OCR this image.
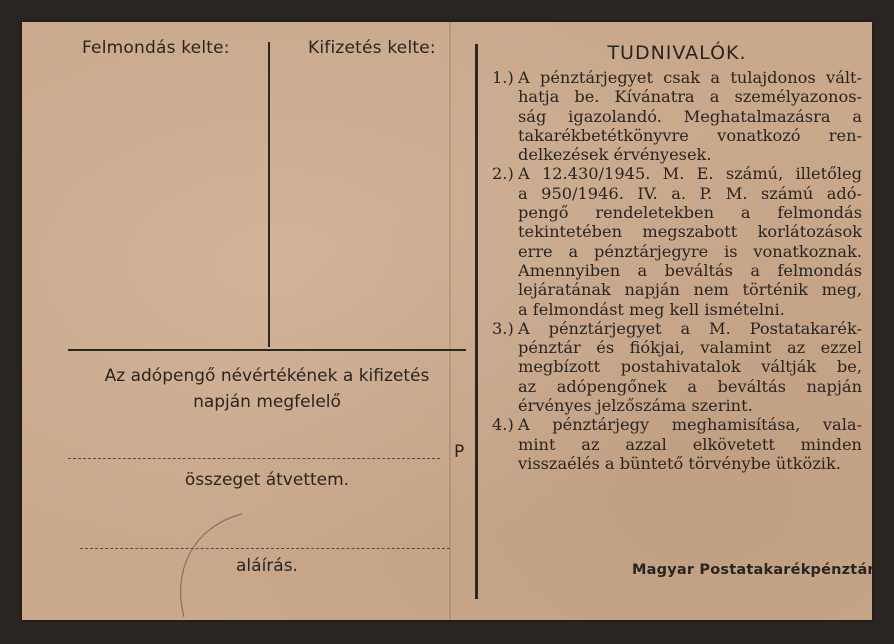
Felmondás kelte:	Kifizetés kelte:
Az adópengő névértékének a kifizetés
napján megfelelő
P
összeget átvettem.
aláírás.
TUDNIVALÓK.
1.) A pénztárjegyet csak a tulajdonos vált-
hatja be. Kívánatra a személyazonos-
ság igazolandó. Meghatalmazásra a
takarékbetétkönyvre vonatkozó ren-
delkezések érvényesek.
2.) A 12.430/1945. M. E. számú, illetőleg
a 950/1946. IV. a. P. M. számú adó-
pengő rendeletekben a felmondás
tekintetében megszabott korlátozások
erre a pénztárjegyre is vonatkoznak.
Amennyiben a beváltás a felmondás
lejáratának napján nem történik meg,
a felmondást meg kell ismételni.
3.) A pénztárjegyet a M. Postatakarék-
pénztár és fiókjai, valamint az ezzel
megbízott postahivatalok váltják be,
az adópengőnek a beváltás napján
érvényes jelzőszáma szerint.
4.) A pénztárjegy meghamisítása, vala-
mint az azzal elkövetett minden
visszaélés a büntető törvénybe ütközik.
Magyar Postatakarékpénztár
